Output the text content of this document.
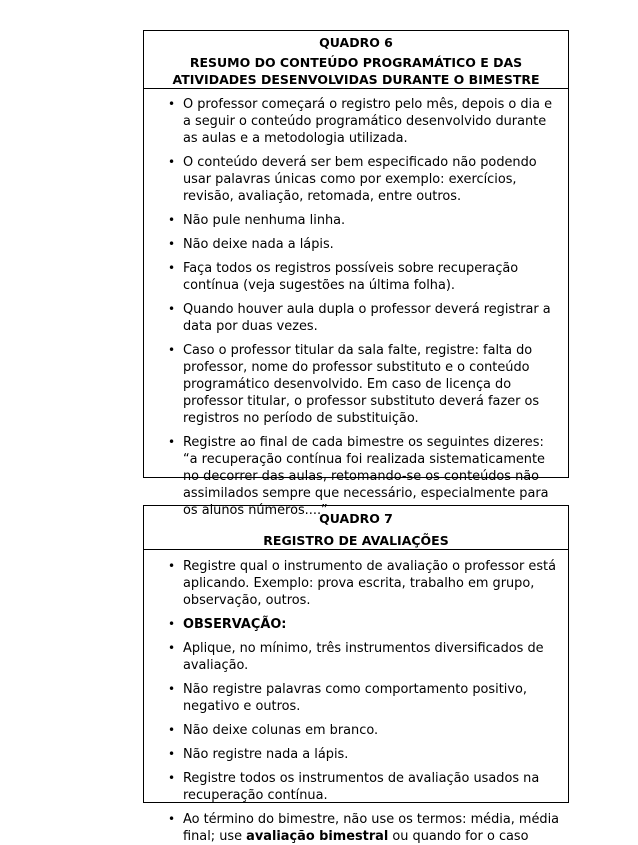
QUADRO 6
RESUMO DO CONTEÚDO PROGRAMÁTICO E DAS
ATIVIDADES DESENVOLVIDAS DURANTE O BIMESTRE
• O professor começará o registro pelo mês, depois o dia e a seguir o conteúdo programático desenvolvido durante as aulas e a metodologia utilizada.
• O conteúdo deverá ser bem especificado não podendo usar palavras únicas como por exemplo: exercícios, revisão, avaliação, retomada, entre outros.
• Não pule nenhuma linha.
• Não deixe nada a lápis.
• Faça todos os registros possíveis sobre recuperação contínua (veja sugestões na última folha).
• Quando houver aula dupla o professor deverá registrar a data por duas vezes.
• Caso o professor titular da sala falte, registre: falta do professor, nome do professor substituto e o conteúdo programático desenvolvido. Em caso de licença do professor titular, o professor substituto deverá fazer os registros no período de substituição.
• Registre ao final de cada bimestre os seguintes dizeres: “a recuperação contínua foi realizada sistematicamente no decorrer das aulas, retomando-se os conteúdos não assimilados sempre que necessário, especialmente para os alunos números....”
QUADRO 7
REGISTRO DE AVALIAÇÕES
• Registre qual o instrumento de avaliação o professor está aplicando. Exemplo: prova escrita, trabalho em grupo, observação, outros.
• OBSERVAÇÃO:
• Aplique, no mínimo, três instrumentos diversificados de avaliação.
• Não registre palavras como comportamento positivo, negativo e outros.
• Não deixe colunas em branco.
• Não registre nada a lápis.
• Registre todos os instrumentos de avaliação usados na recuperação contínua.
• Ao término do bimestre, não use os termos: média, média final; use avaliação bimestral ou quando for o caso
